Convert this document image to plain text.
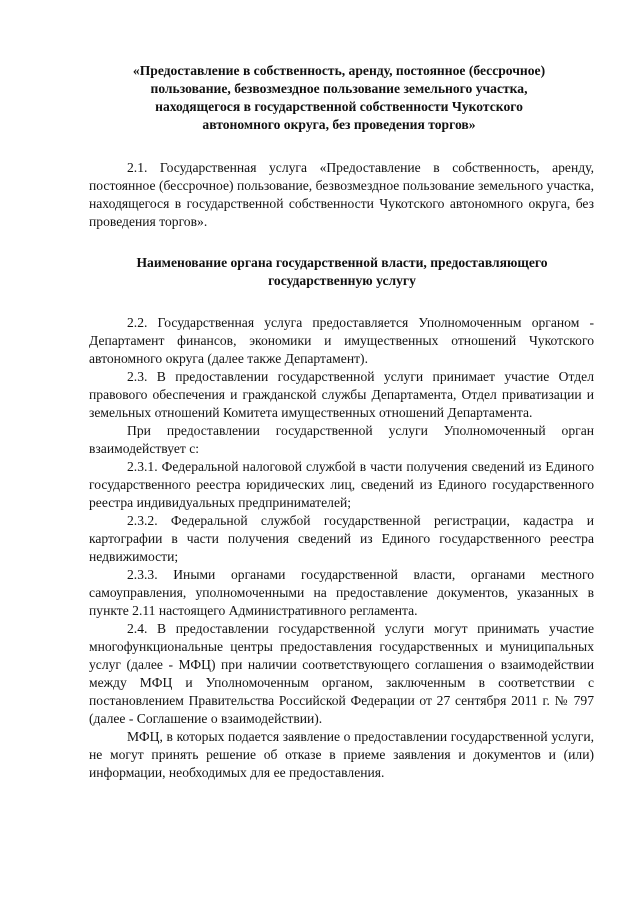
«Предоставление в собственность, аренду, постоянное (бессрочное) пользование, безвозмездное пользование земельного участка, находящегося в государственной собственности Чукотского автономного округа, без проведения торгов»

2.1. Государственная услуга «Предоставление в собственность, аренду, постоянное (бессрочное) пользование, безвозмездное пользование земельного участка, находящегося в государственной собственности Чукотского автономного округа, без проведения торгов».

Наименование органа государственной власти, предоставляющего государственную услугу

2.2. Государственная услуга предоставляется Уполномоченным органом - Департамент финансов, экономики и имущественных отношений Чукотского автономного округа (далее также Департамент).

2.3. В предоставлении государственной услуги принимает участие Отдел правового обеспечения и гражданской службы Департамента, Отдел приватизации и земельных отношений Комитета имущественных отношений Департамента.

При предоставлении государственной услуги Уполномоченный орган взаимодействует с:

2.3.1. Федеральной налоговой службой в части получения сведений из Единого государственного реестра юридических лиц, сведений из Единого государственного реестра индивидуальных предпринимателей;

2.3.2. Федеральной службой государственной регистрации, кадастра и картографии в части получения сведений из Единого государственного реестра недвижимости;

2.3.3. Иными органами государственной власти, органами местного самоуправления, уполномоченными на предоставление документов, указанных в пункте 2.11 настоящего Административного регламента.

2.4. В предоставлении государственной услуги могут принимать участие многофункциональные центры предоставления государственных и муниципальных услуг (далее - МФЦ) при наличии соответствующего соглашения о взаимодействии между МФЦ и Уполномоченным органом, заключенным в соответствии с постановлением Правительства Российской Федерации от 27 сентября 2011 г. № 797 (далее - Соглашение о взаимодействии).

МФЦ, в которых подается заявление о предоставлении государственной услуги, не могут принять решение об отказе в приеме заявления и документов и (или) информации, необходимых для ее предоставления.
